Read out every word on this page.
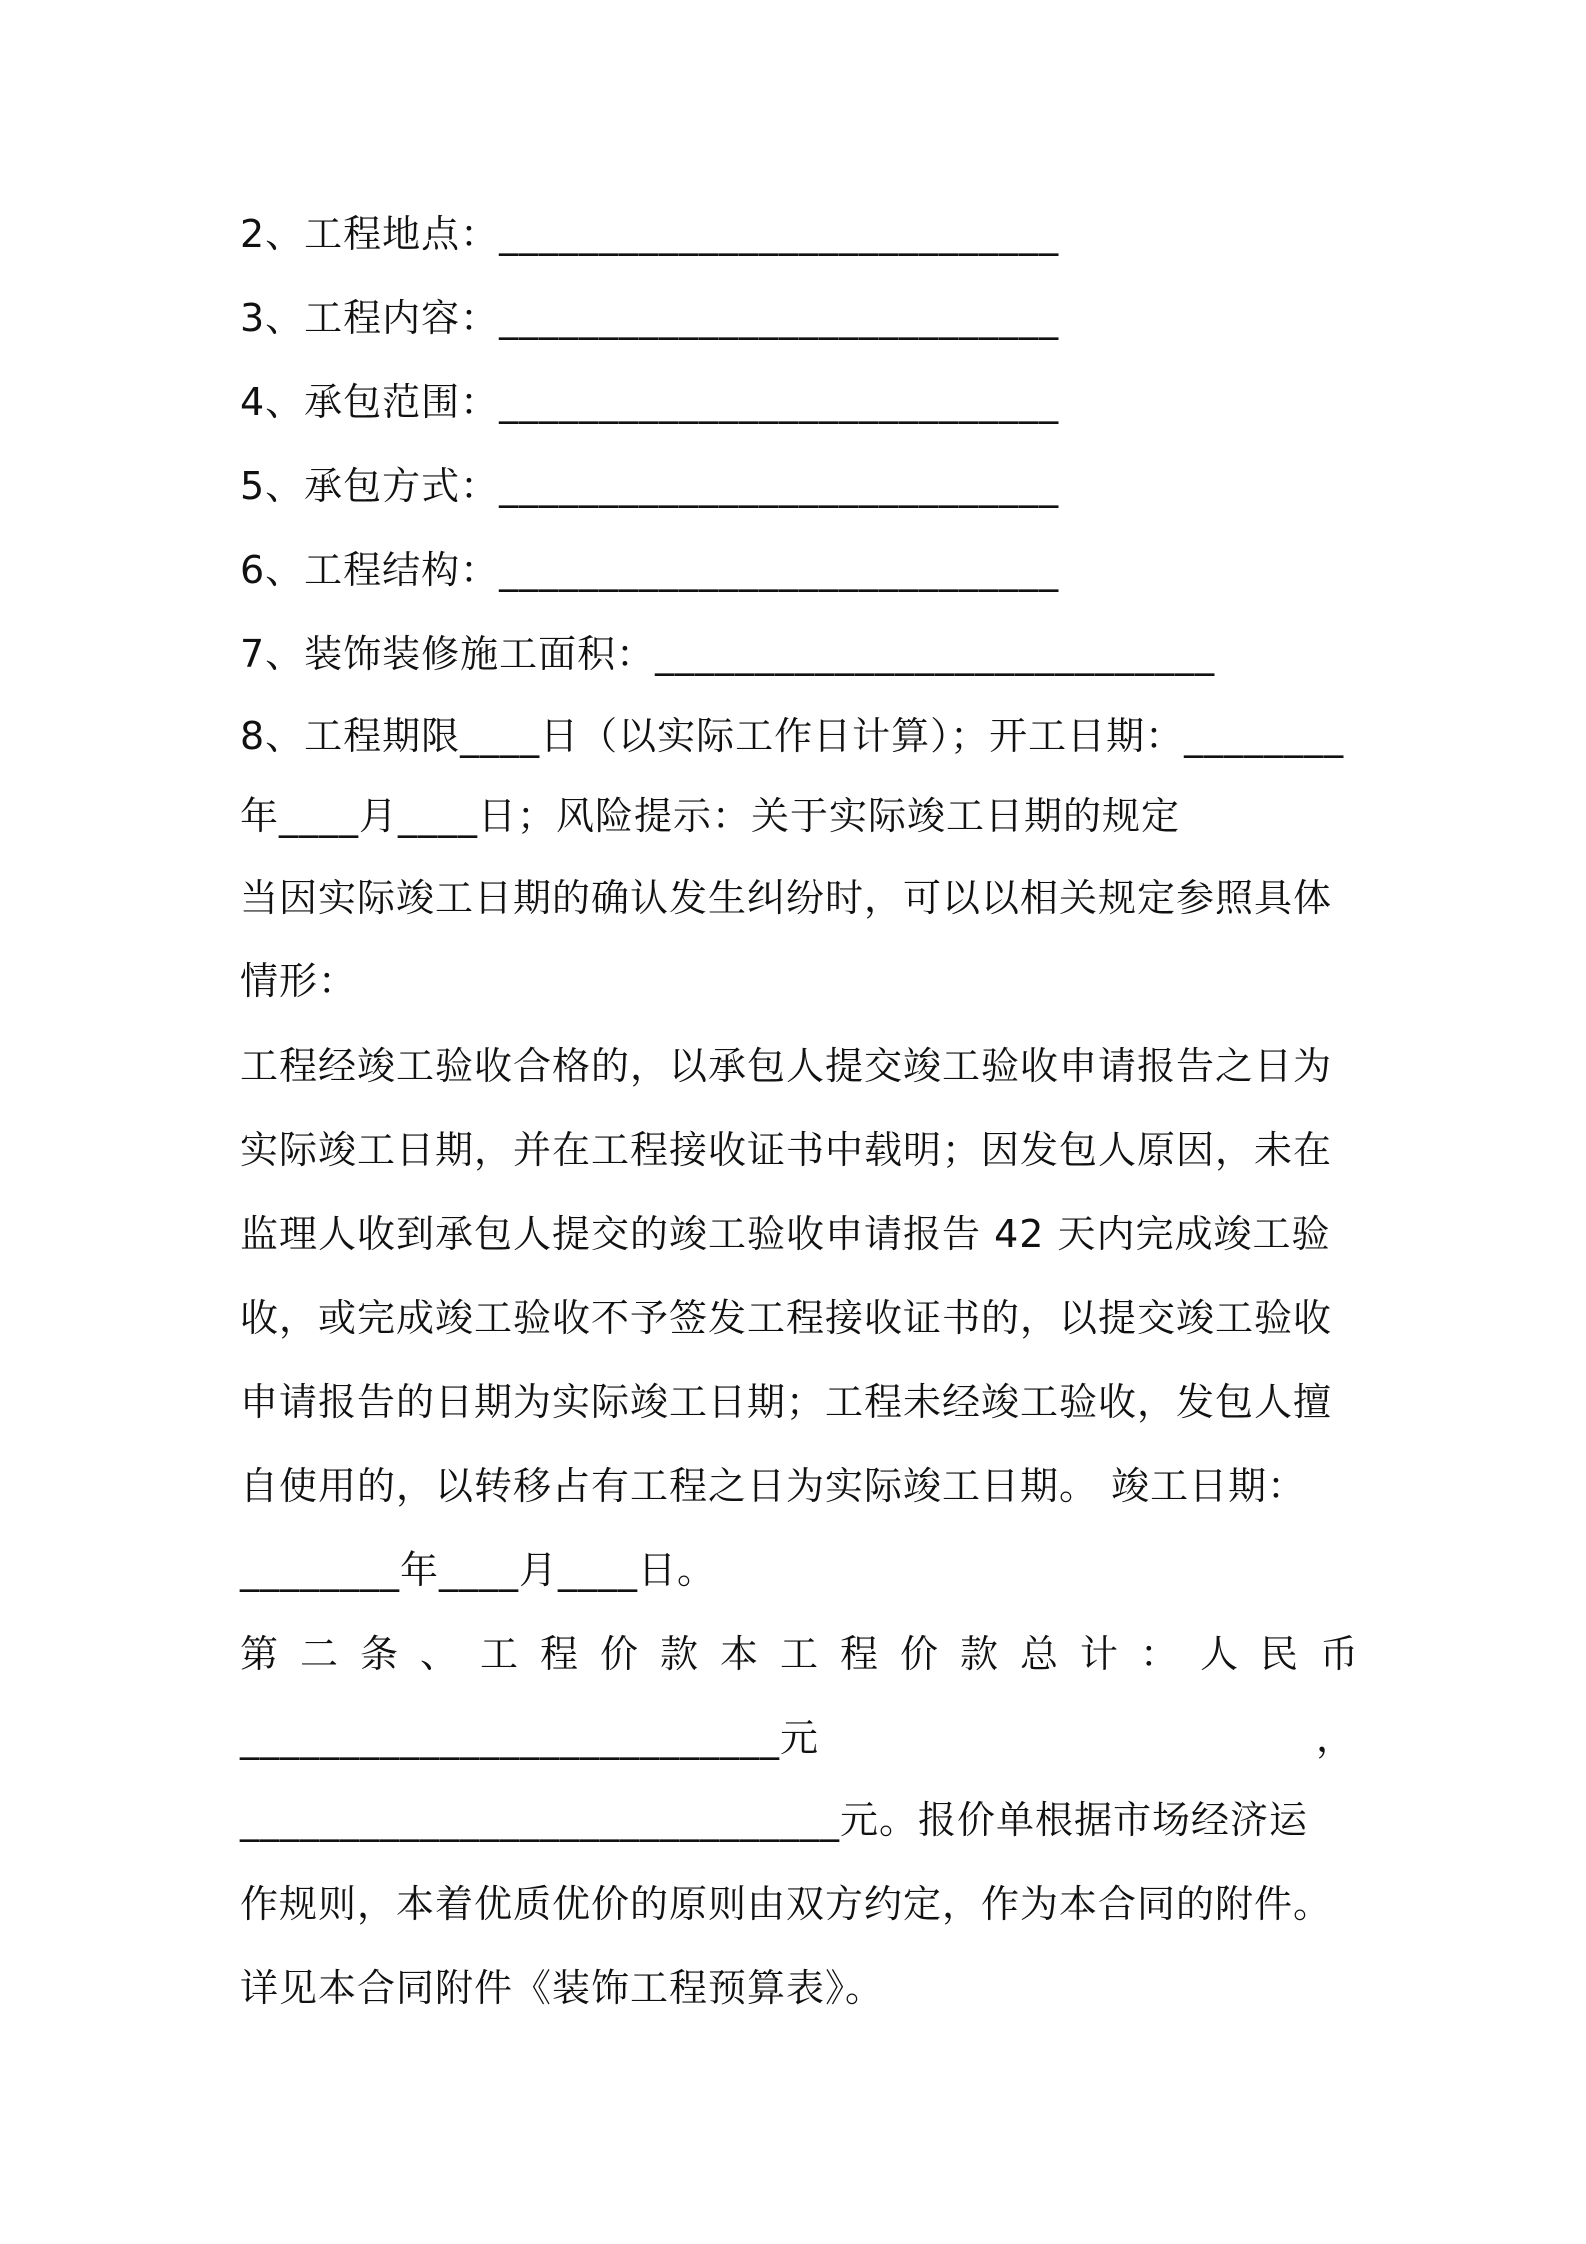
2、工程地点：____________________________
3、工程内容：____________________________
4、承包范围：____________________________
5、承包方式：____________________________
6、工程结构：____________________________
7、装饰装修施工面积：____________________________
8、工程期限____日（以实际工作日计算）；开工日期：________
年____月____日；风险提示：关于实际竣工日期的规定
当因实际竣工日期的确认发生纠纷时，可以以相关规定参照具体
情形：
工程经竣工验收合格的，以承包人提交竣工验收申请报告之日为
实际竣工日期，并在工程接收证书中载明；因发包人原因，未在
监理人收到承包人提交的竣工验收申请报告 42 天内完成竣工验
收，或完成竣工验收不予签发工程接收证书的，以提交竣工验收
申请报告的日期为实际竣工日期；工程未经竣工验收，发包人擅
自使用的，以转移占有工程之日为实际竣工日期。 竣工日期：
________年____月____日。
第二条、工程价款本工程价款总计：人民币
___________________________元	，
______________________________元。报价单根据市场经济运
作规则，本着优质优价的原则由双方约定，作为本合同的附件。
详见本合同附件《装饰工程预算表》。
